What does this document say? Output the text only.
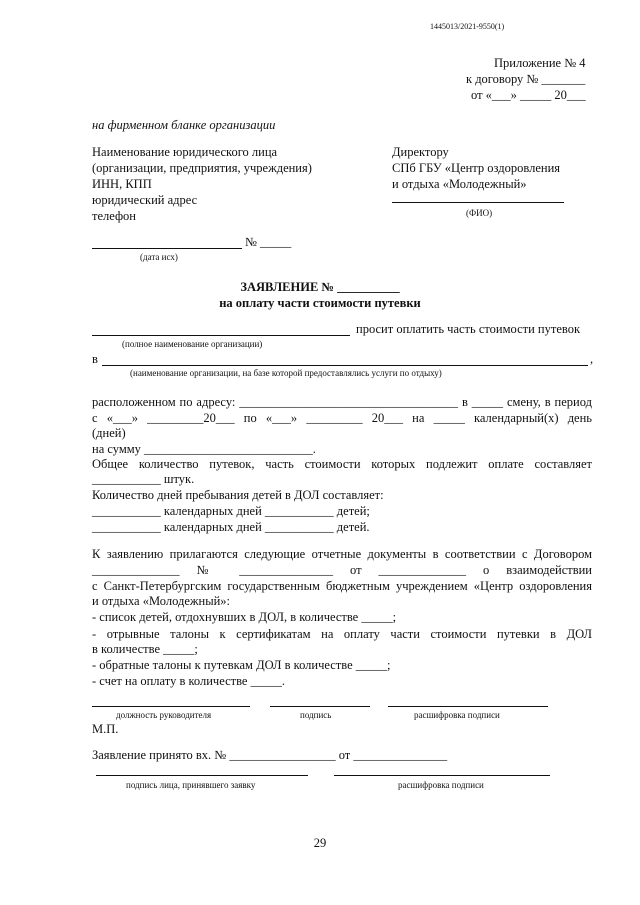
1445013/2021-9550(1)
Приложение № 4
к договору № _______
от «___» _____ 20___
на фирменном бланке организации
Наименование юридического лица
(организации, предприятия, учреждения)
ИНН, КПП
юридический адрес
телефон
Директору
СПб ГБУ «Центр оздоровления
и отдыха «Молодежный»
(ФИО)
№ _____
(дата исх)
ЗАЯВЛЕНИЕ № __________
на оплату части стоимости путевки
просит оплатить часть стоимости путевок
(полное наименование организации)
в	,
(наименование организации, на базе которой предоставлялись услуги по отдыху)
расположенном по адресу: ___________________________________ в _____ смену, в период
с «___» _________20___ по «___» _________ 20___ на _____ календарный(х) день
(дней)
на сумму ___________________________.
Общее количество путевок, часть стоимости которых подлежит оплате составляет
___________ штук.
Количество дней пребывания детей в ДОЛ составляет:
___________ календарных дней ___________ детей;
___________ календарных дней ___________ детей.
К заявлению прилагаются следующие отчетные документы в соответствии с Договором
______________ № _______________ от ______________ о взаимодействии
с Санкт-Петербургским государственным бюджетным учреждением «Центр оздоровления
и отдыха «Молодежный»:
- список детей, отдохнувших в ДОЛ, в количестве _____;
- отрывные талоны к сертификатам на оплату части стоимости путевки в ДОЛ
в количестве _____;
- обратные талоны к путевкам ДОЛ в количестве _____;
- счет на оплату в количестве _____.
должность руководителя	подпись	расшифровка подписи
М.П.
Заявление принято вх. № _________________ от _______________
подпись лица, принявшего заявку	расшифровка подписи
29
